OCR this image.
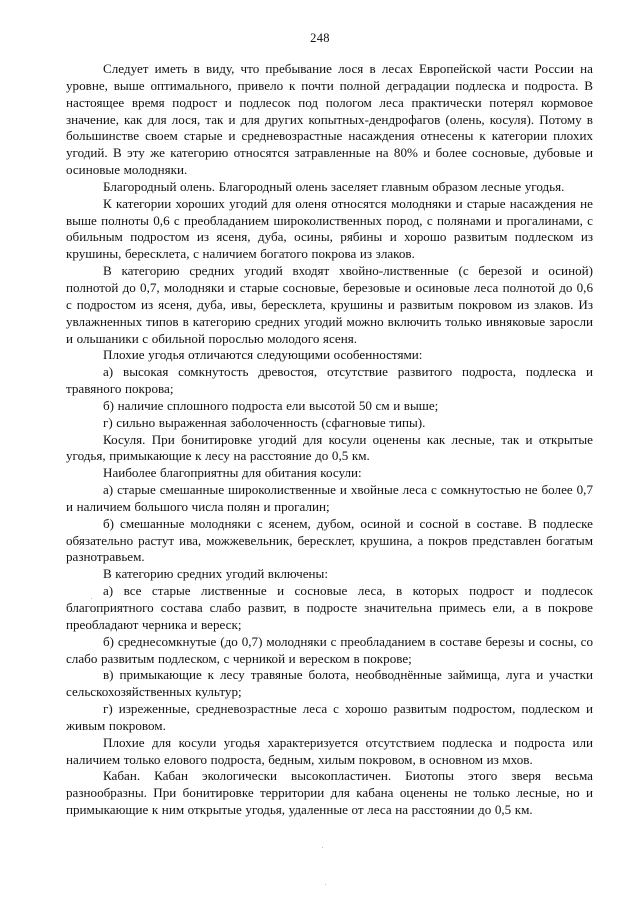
248

Следует иметь в виду, что пребывание лося в лесах Европейской части России на уровне, выше оптимального, привело к почти полной деградации подлеска и подроста. В настоящее время подрост и подлесок под пологом леса практически потерял кормовое значение, как для лося, так и для других копытных-дендрофагов (олень, косуля). Потому в большинстве своем старые и средневозрастные насаждения отнесены к категории плохих угодий. В эту же категорию относятся затравленные на 80% и более сосновые, дубовые и осиновые молодняки.

Благородный олень. Благородный олень заселяет главным образом лесные угодья.

К категории хороших угодий для оленя относятся молодняки и старые насаждения не выше полноты 0,6 с преобладанием широколиственных пород, с полянами и прогалинами, с обильным подростом из ясеня, дуба, осины, рябины и хорошо развитым подлеском из крушины, бересклета, с наличием богатого покрова из злаков.

В категорию средних угодий входят хвойно-лиственные (с березой и осиной) полнотой до 0,7, молодняки и старые сосновые, березовые и осиновые леса полнотой до 0,6 с подростом из ясеня, дуба, ивы, бересклета, крушины и развитым покровом из злаков. Из увлажненных типов в категорию средних угодий можно включить только ивняковые заросли и ольшаники с обильной порослью молодого ясеня.

Плохие угодья отличаются следующими особенностями:

а) высокая сомкнутость древостоя, отсутствие развитого подроста, подлеска и травяного покрова;

б) наличие сплошного подроста ели высотой 50 см и выше;

г) сильно выраженная заболоченность (сфагновые типы).

Косуля. При бонитировке угодий для косули оценены как лесные, так и открытые угодья, примыкающие к лесу на расстояние до 0,5 км.

Наиболее благоприятны для обитания косули:

а) старые смешанные широколиственные и хвойные леса с сомкнутостью не более 0,7 и наличием большого числа полян и прогалин;

б) смешанные молодняки с ясенем, дубом, осиной и сосной в составе. В подлеске обязательно растут ива, можжевельник, бересклет, крушина, а покров представлен богатым разнотравьем.

В категорию средних угодий включены:

а) все старые лиственные и сосновые леса, в которых подрост и подлесок благоприятного состава слабо развит, в подросте значительна примесь ели, а в покрове преобладают черника и вереск;

б) среднесомкнутые (до 0,7) молодняки с преобладанием в составе березы и сосны, со слабо развитым подлеском, с черникой и вереском в покрове;

в) примыкающие к лесу травяные болота, необводнённые займища, луга и участки сельскохозяйственных культур;

г) изреженные, средневозрастные леса с хорошо развитым подростом, подлеском и живым покровом.

Плохие для косули угодья характеризуется отсутствием подлеска и подроста или наличием только елового подроста, бедным, хилым покровом, в основном из мхов.

Кабан. Кабан экологически высокопластичен. Биотопы этого зверя весьма разнообразны. При бонитировке территории для кабана оценены не только лесные, но и примыкающие к ним открытые угодья, удаленные от леса на расстоянии до 0,5 км.
